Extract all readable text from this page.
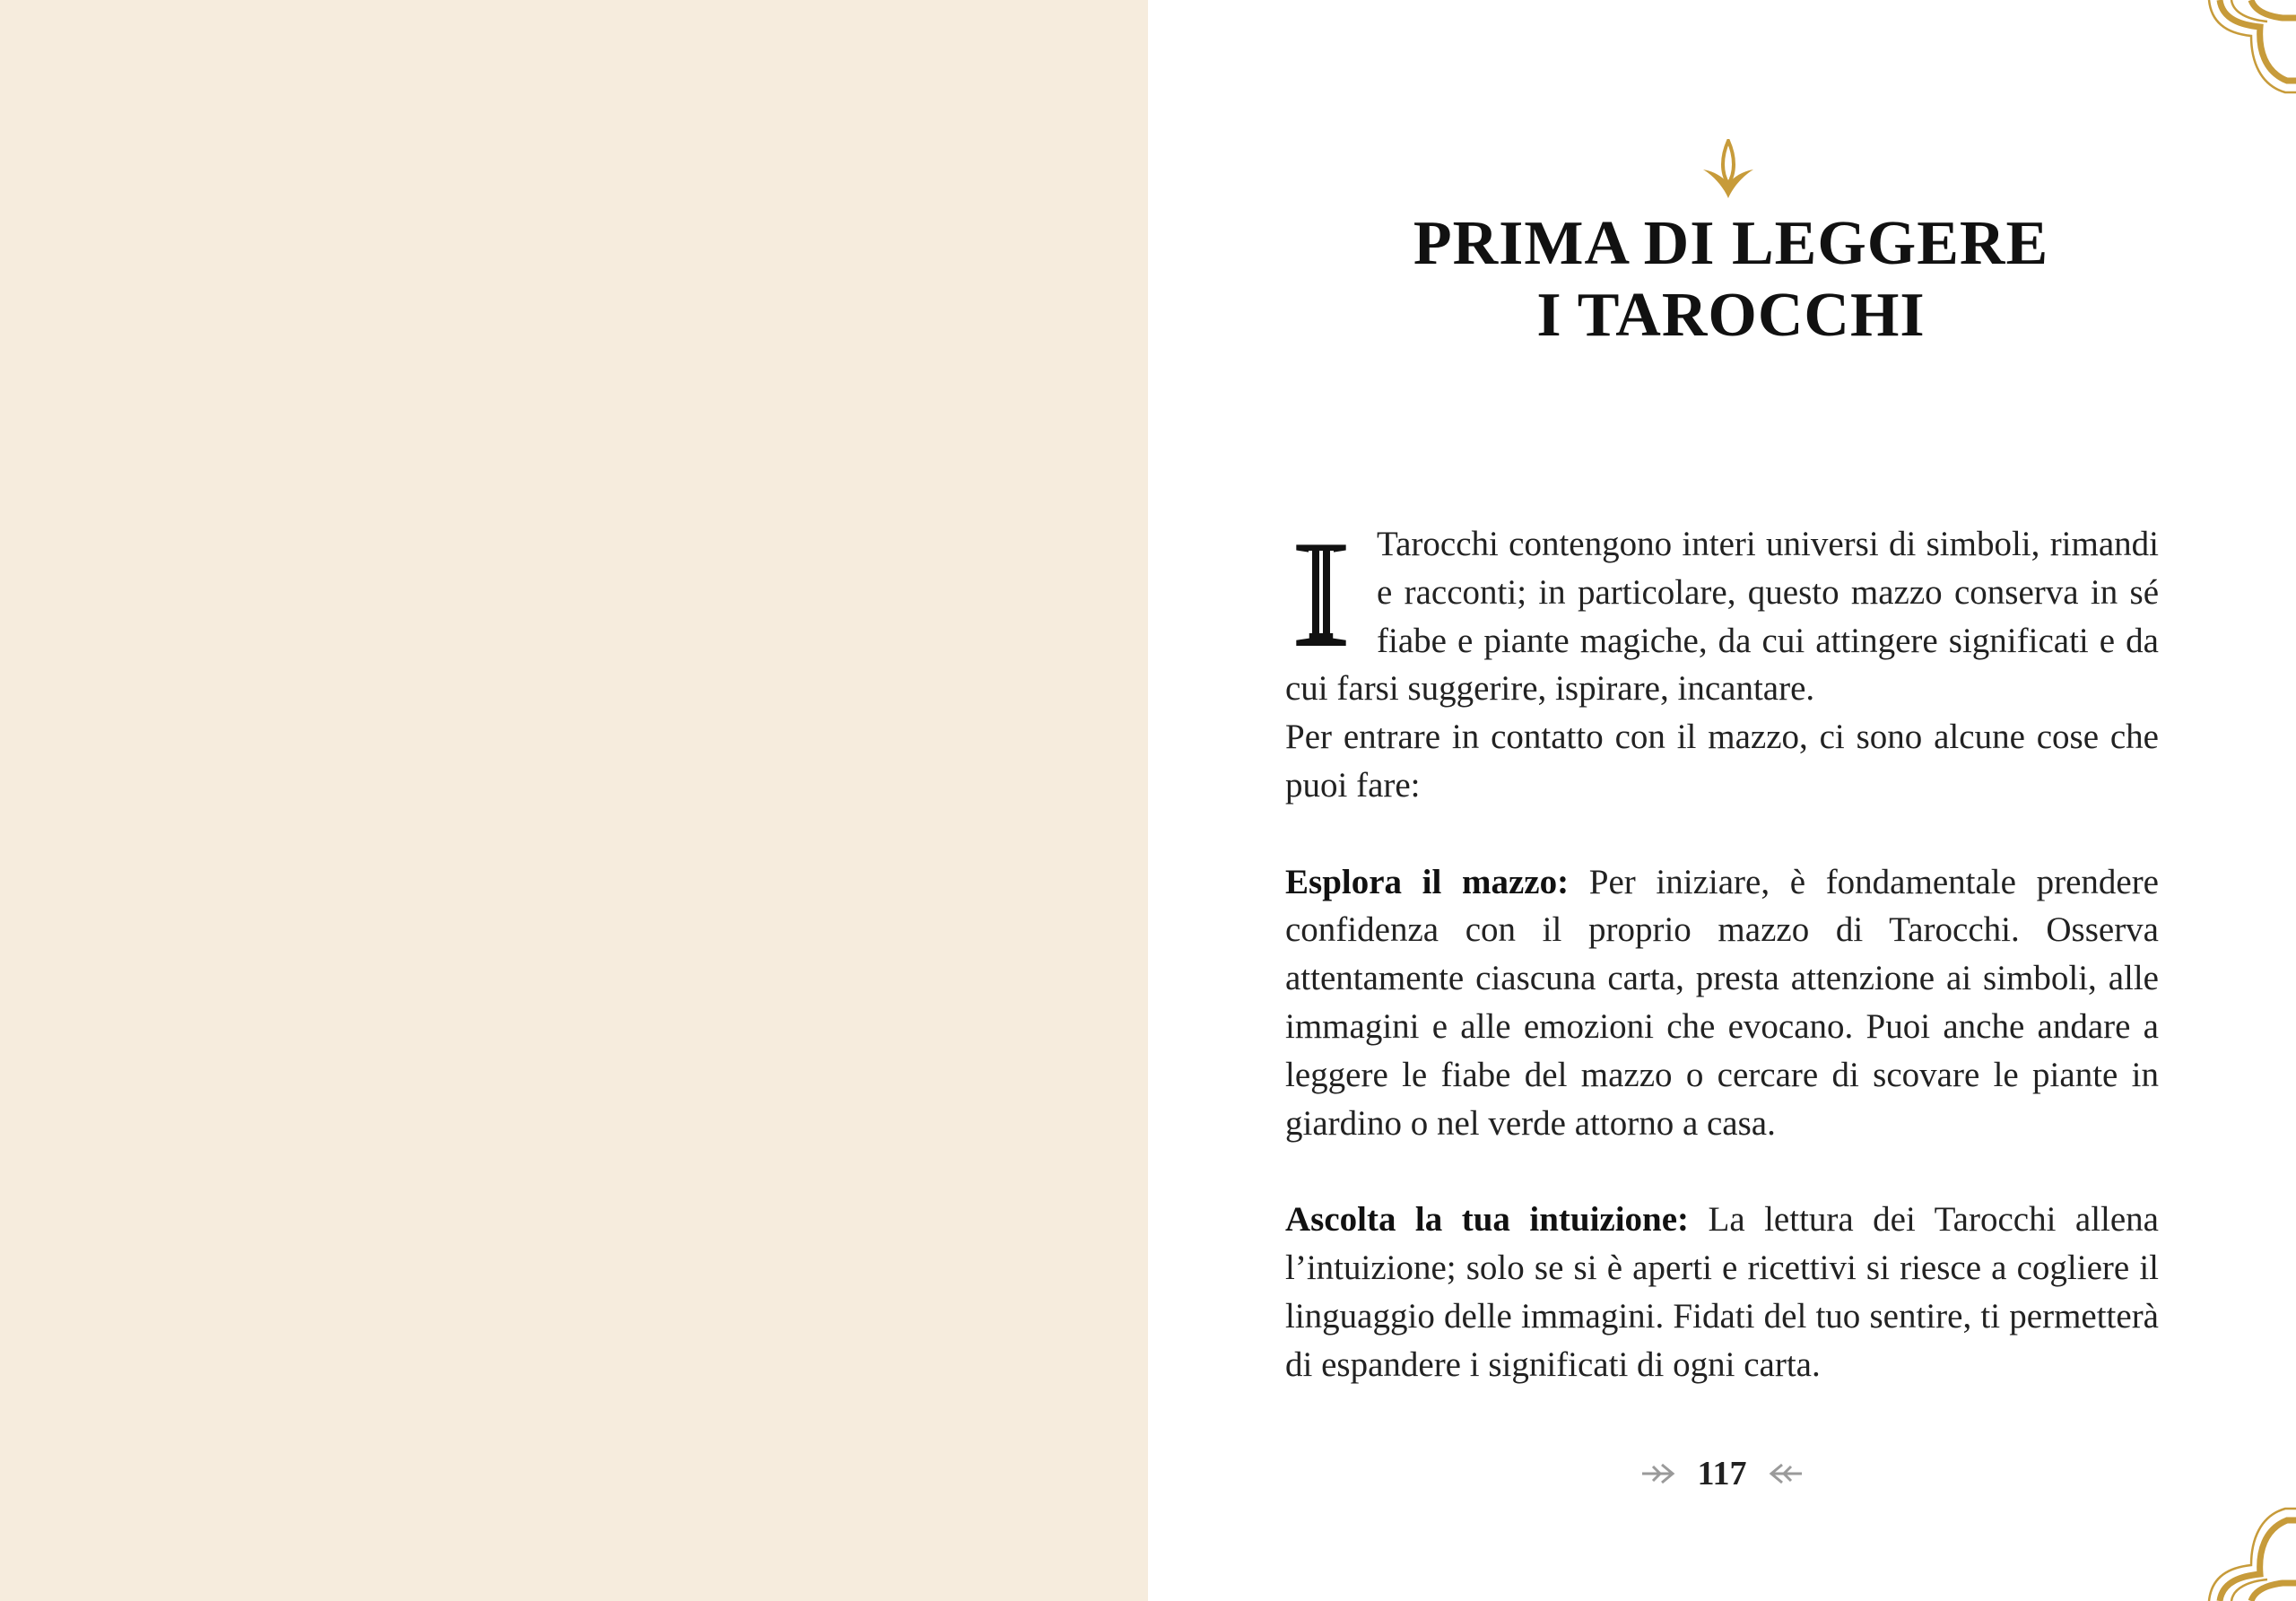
PRIMA DI LEGGERE
I TAROCCHI

I Tarocchi contengono interi universi di simboli, rimandi e racconti; in particolare, questo mazzo conserva in sé fiabe e piante magiche, da cui attingere significati e da cui farsi suggerire, ispirare, incantare.

Per entrare in contatto con il mazzo, ci sono alcune cose che puoi fare:

Esplora il mazzo: Per iniziare, è fondamentale prendere confidenza con il proprio mazzo di Tarocchi. Osserva attentamente ciascuna carta, presta attenzione ai simboli, alle immagini e alle emozioni che evocano. Puoi anche andare a leggere le fiabe del mazzo o cercare di scovare le piante in giardino o nel verde attorno a casa.

Ascolta la tua intuizione: La lettura dei Tarocchi allena l’intuizione; solo se si è aperti e ricettivi si riesce a cogliere il linguaggio delle immagini. Fidati del tuo sentire, ti permetterà di espandere i significati di ogni carta.

117
